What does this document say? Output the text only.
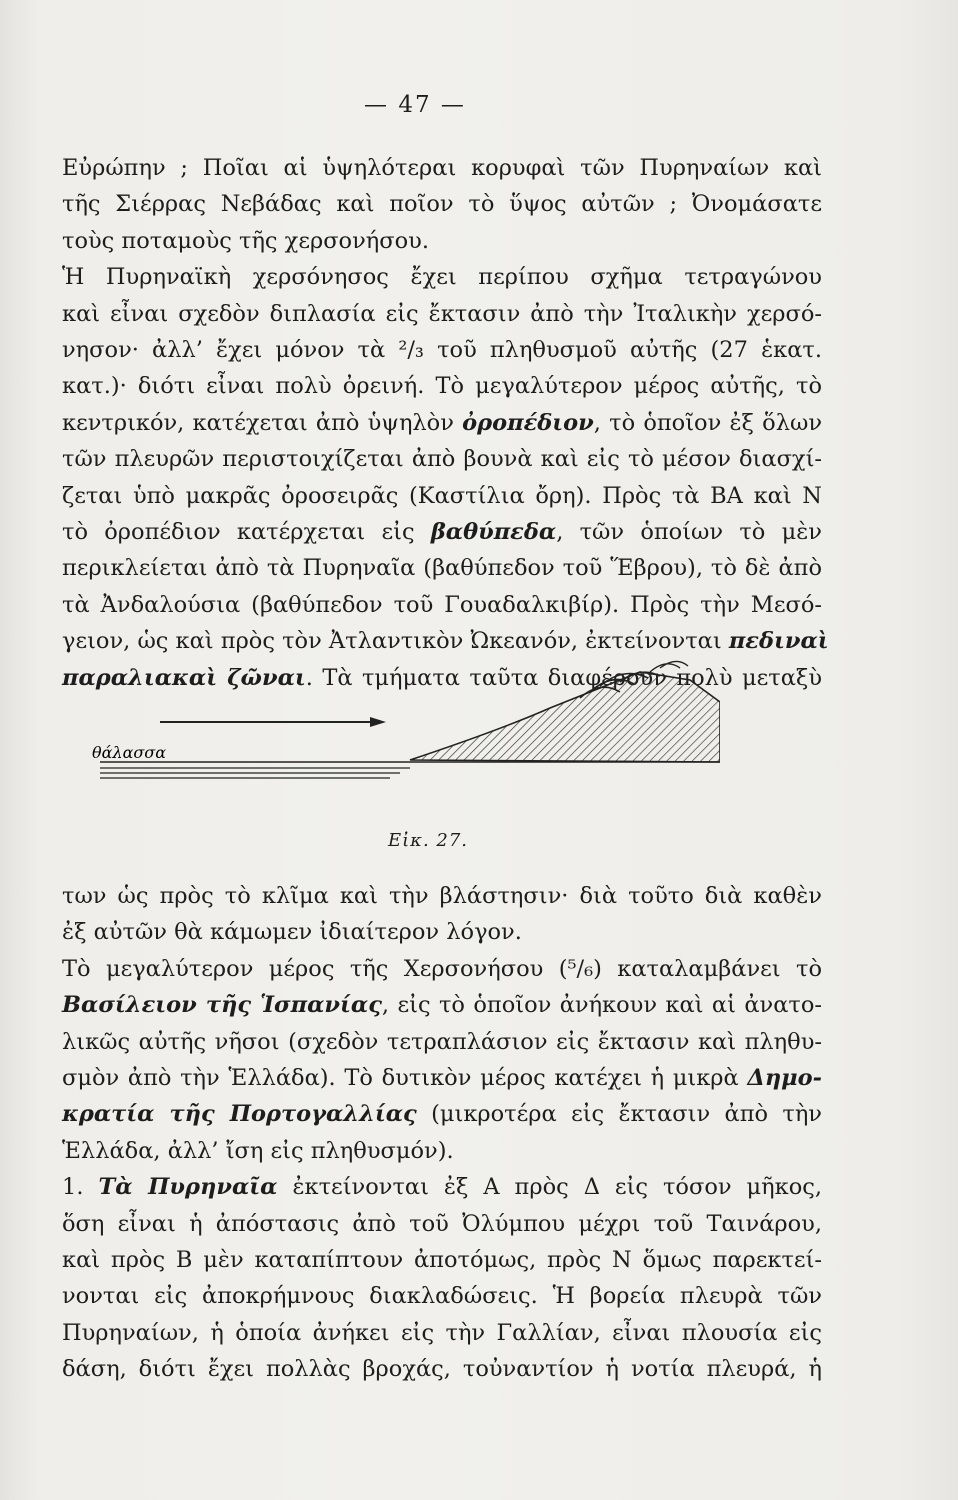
— 47 —
Εὐρώπην ; Ποῖαι αἱ ὑψηλότεραι κορυφαὶ τῶν Πυρηναίων καὶ
τῆς Σιέρρας Νεβάδας καὶ ποῖον τὸ ὕψος αὐτῶν ; Ὀνομάσατε
τοὺς ποταμοὺς τῆς χερσονήσου.
Ἡ Πυρηναϊκὴ χερσόνησος ἔχει περίπου σχῆμα τετραγώνου
καὶ εἶναι σχεδὸν διπλασία εἰς ἔκτασιν ἀπὸ τὴν Ἰταλικὴν χερσό-
νησον· ἀλλ’ ἔχει μόνον τὰ ²/₃ τοῦ πληθυσμοῦ αὐτῆς (27 ἑκατ.
κατ.)· διότι εἶναι πολὺ ὀρεινή. Τὸ μεγαλύτερον μέρος αὐτῆς, τὸ
κεντρικόν, κατέχεται ἀπὸ ὑψηλὸν ὀροπέδιον, τὸ ὁποῖον ἐξ ὅλων
τῶν πλευρῶν περιστοιχίζεται ἀπὸ βουνὰ καὶ εἰς τὸ μέσον διασχί-
ζεται ὑπὸ μακρᾶς ὀροσειρᾶς (Καστίλια ὄρη). Πρὸς τὰ ΒΑ καὶ Ν
τὸ ὀροπέδιον κατέρχεται εἰς βαθύπεδα, τῶν ὁποίων τὸ μὲν
περικλείεται ἀπὸ τὰ Πυρηναῖα (βαθύπεδον τοῦ Ἕβρου), τὸ δὲ ἀπὸ
τὰ Ἀνδαλούσια (βαθύπεδον τοῦ Γουαδαλκιβίρ). Πρὸς τὴν Μεσό-
γειον, ὡς καὶ πρὸς τὸν Ἀτλαντικὸν Ὠκεανόν, ἐκτείνονται πεδιναὶ
παραλιακαὶ ζῶναι. Τὰ τμήματα ταῦτα διαφέρουν πολὺ μεταξὺ
θάλασσα
Εἰκ. 27.
των ὡς πρὸς τὸ κλῖμα καὶ τὴν βλάστησιν· διὰ τοῦτο διὰ καθὲν
ἐξ αὐτῶν θὰ κάμωμεν ἰδιαίτερον λόγον.
Τὸ μεγαλύτερον μέρος τῆς Χερσονήσου (⁵/₆) καταλαμβάνει τὸ
Βασίλειον τῆς Ἱσπανίας, εἰς τὸ ὁποῖον ἀνήκουν καὶ αἱ ἀνατο-
λικῶς αὐτῆς νῆσοι (σχεδὸν τετραπλάσιον εἰς ἔκτασιν καὶ πληθυ-
σμὸν ἀπὸ τὴν Ἑλλάδα). Τὸ δυτικὸν μέρος κατέχει ἡ μικρὰ Δημο-
κρατία τῆς Πορτογαλλίας (μικροτέρα εἰς ἔκτασιν ἀπὸ τὴν
Ἑλλάδα, ἀλλ’ ἴση εἰς πληθυσμόν).
1. Τὰ Πυρηναῖα ἐκτείνονται ἐξ Α πρὸς Δ εἰς τόσον μῆκος,
ὅση εἶναι ἡ ἀπόστασις ἀπὸ τοῦ Ὀλύμπου μέχρι τοῦ Ταινάρου,
καὶ πρὸς Β μὲν καταπίπτουν ἀποτόμως, πρὸς Ν ὅμως παρεκτεί-
νονται εἰς ἀποκρήμνους διακλαδώσεις. Ἡ βορεία πλευρὰ τῶν
Πυρηναίων, ἡ ὁποία ἀνήκει εἰς τὴν Γαλλίαν, εἶναι πλουσία εἰς
δάση, διότι ἔχει πολλὰς βροχάς, τοὐναντίον ἡ νοτία πλευρά, ἡ
